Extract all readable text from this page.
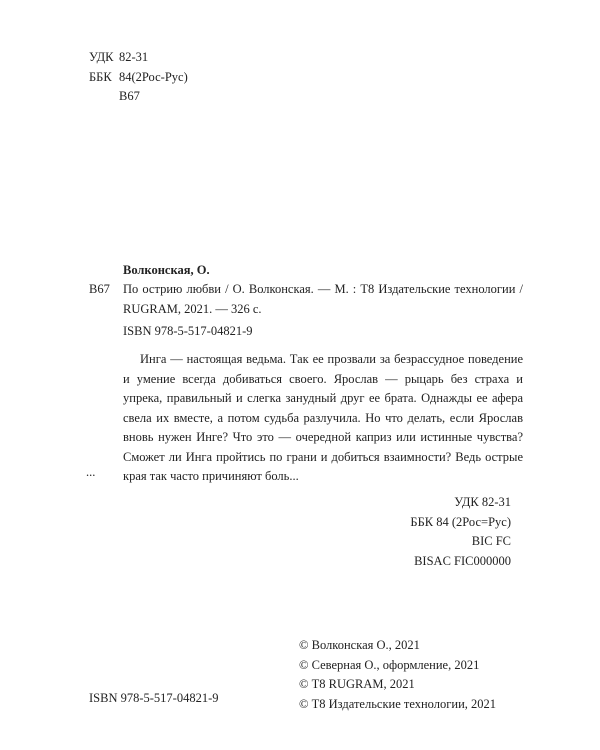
УДК 82-31
ББК 84(2Рос-Рус)
В67
Волконская, О.
В67 По острию любви / О. Волконская. — М. : Т8 Издательские технологии / RUGRAM, 2021. — 326 с.
ISBN 978-5-517-04821-9

Инга — настоящая ведьма. Так ее прозвали за безрассудное поведение и умение всегда добиваться своего. Ярослав — рыцарь без страха и упрека, правильный и слегка занудный друг ее брата. Однажды ее афера свела их вместе, а потом судьба разлучила. Но что делать, если Ярослав вновь нужен Инге? Что это — очередной каприз или истинные чувства? Сможет ли Инга пройтись по грани и добиться взаимности? Ведь острые края так часто причиняют боль...

...
УДК 82-31
ББК 84 (2Рос=Рус)
BIC FC
BISAC FIC000000
© Волконская О., 2021
© Северная О., оформление, 2021
© Т8 RUGRAM, 2021
© Т8 Издательские технологии, 2021
ISBN 978-5-517-04821-9
